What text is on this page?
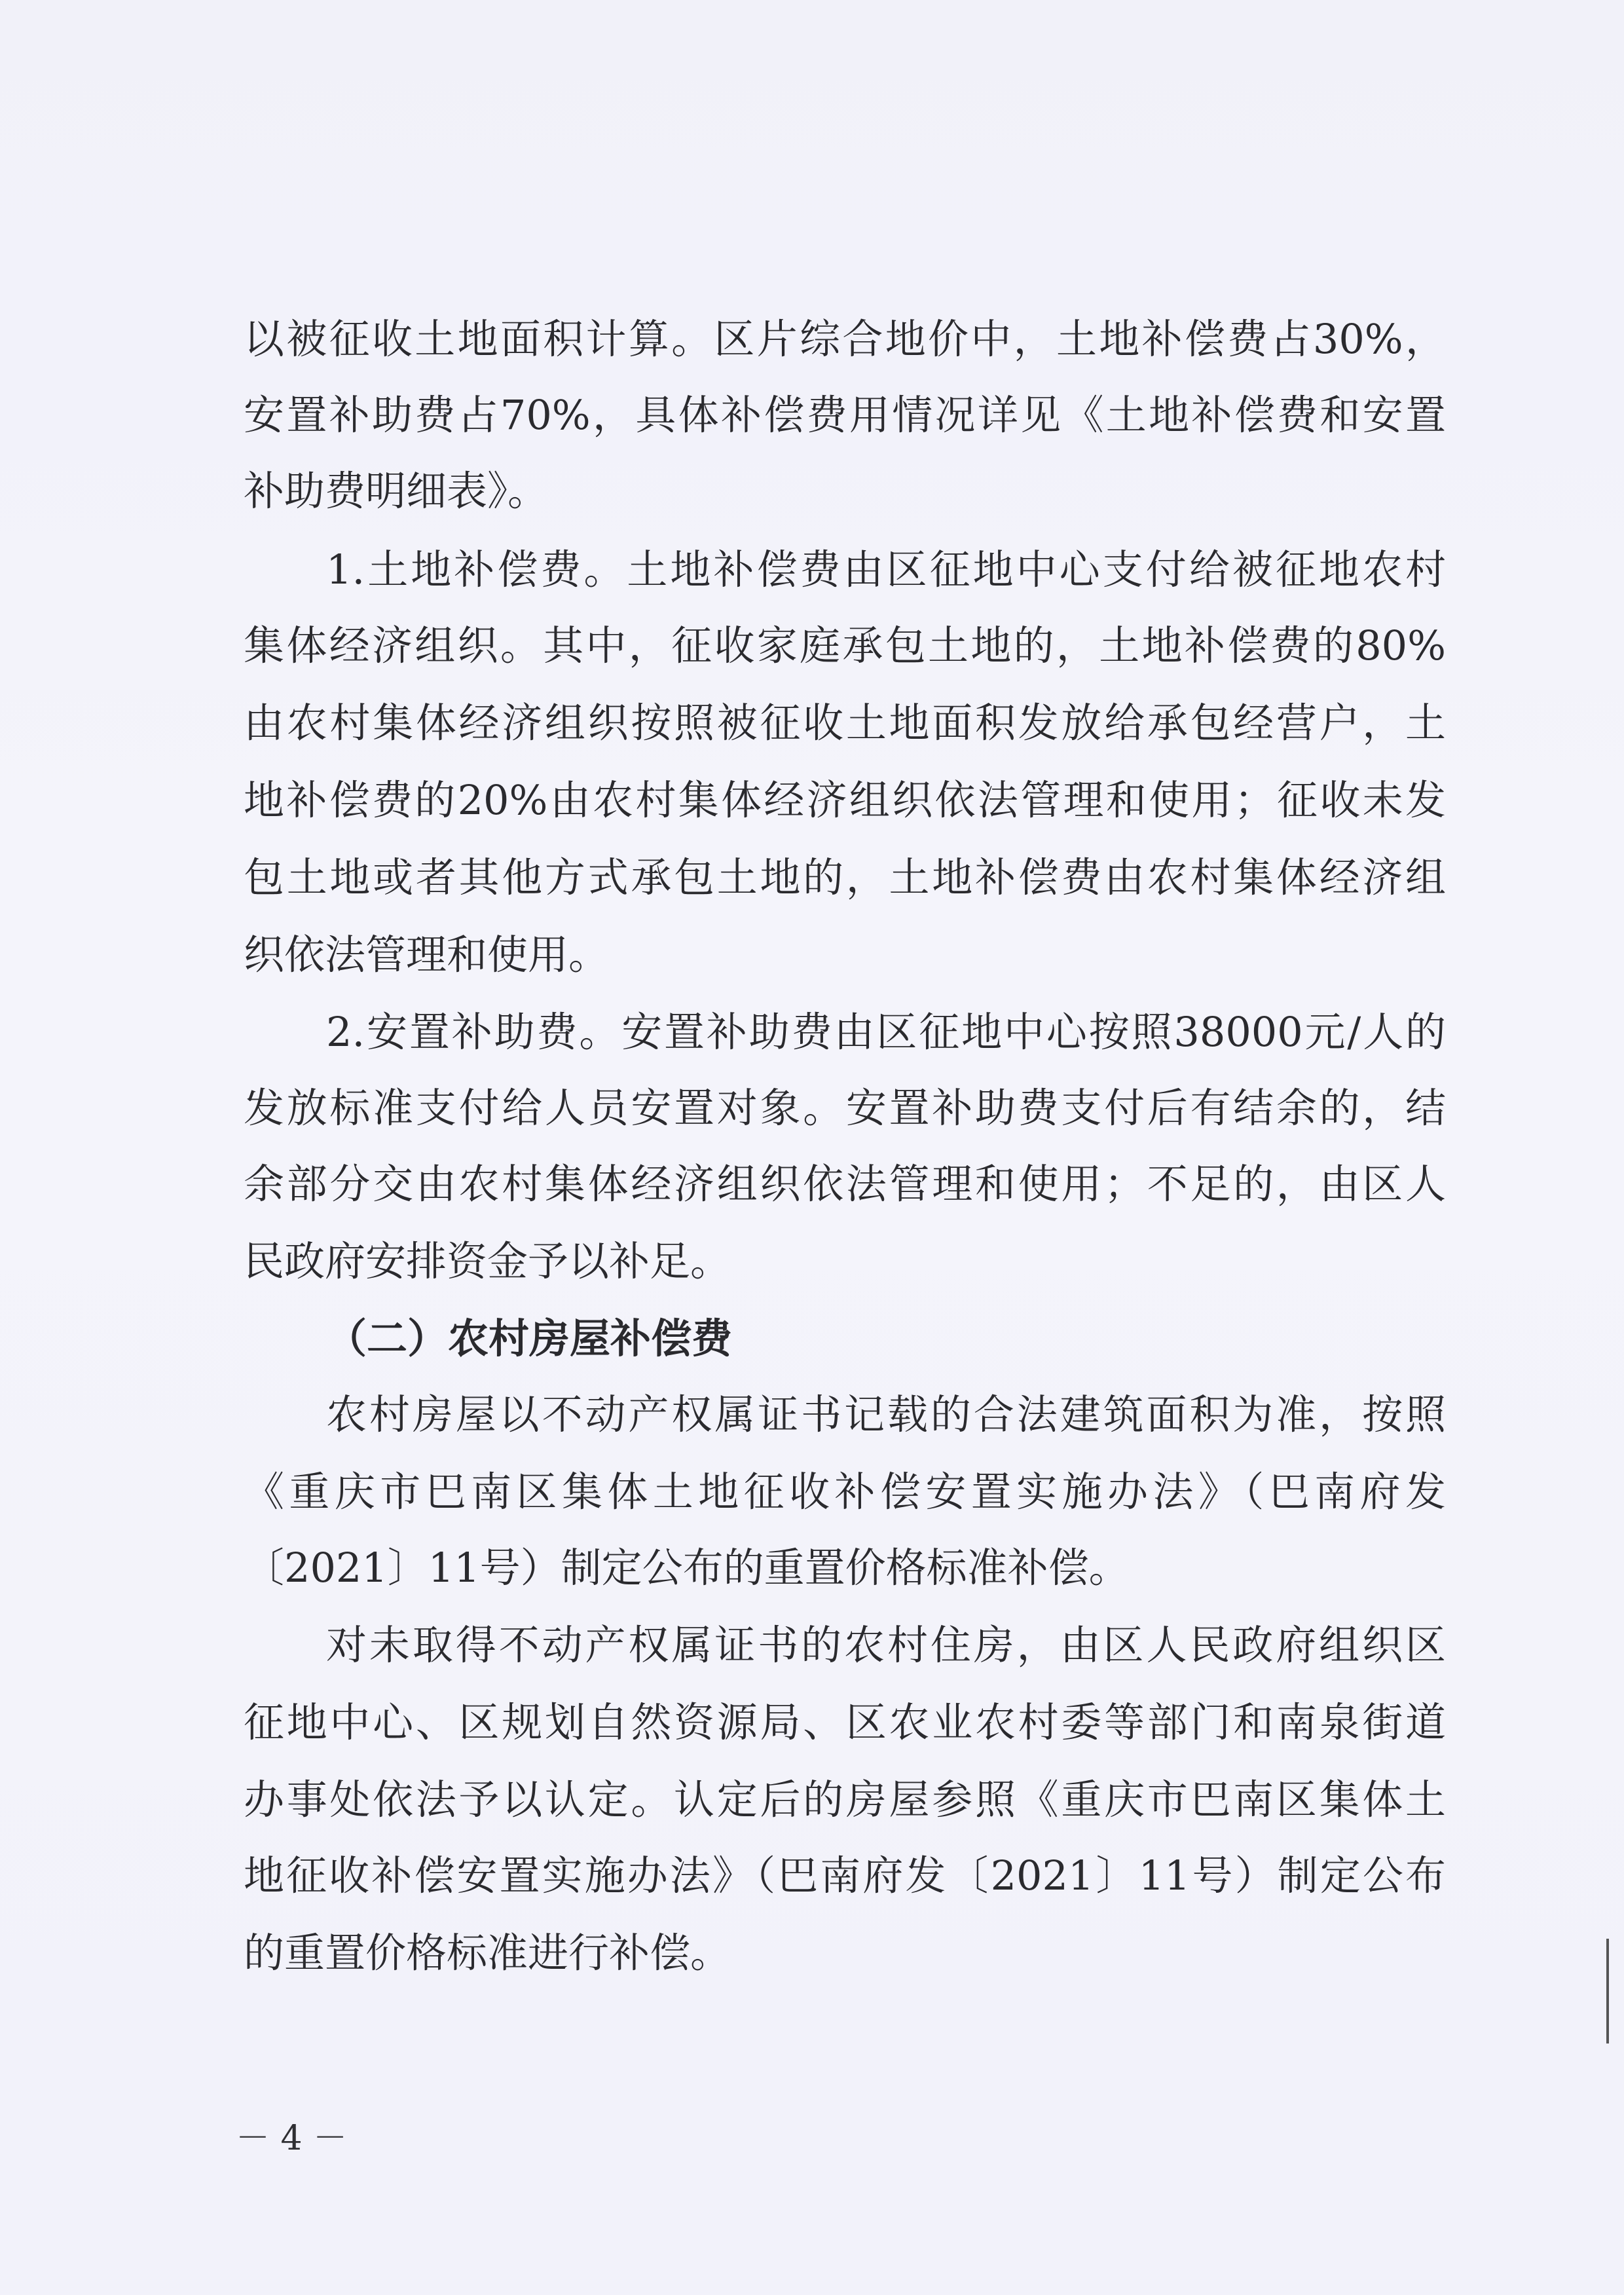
以被征收土地面积计算。区片综合地价中，土地补偿费占30%，
安置补助费占70%，具体补偿费用情况详见《土地补偿费和安置
补助费明细表》。
1.土地补偿费。土地补偿费由区征地中心支付给被征地农村
集体经济组织。其中，征收家庭承包土地的，土地补偿费的80%
由农村集体经济组织按照被征收土地面积发放给承包经营户，土
地补偿费的20%由农村集体经济组织依法管理和使用；征收未发
包土地或者其他方式承包土地的，土地补偿费由农村集体经济组
织依法管理和使用。
2.安置补助费。安置补助费由区征地中心按照38000元/人的
发放标准支付给人员安置对象。安置补助费支付后有结余的，结
余部分交由农村集体经济组织依法管理和使用；不足的，由区人
民政府安排资金予以补足。
（二）农村房屋补偿费
农村房屋以不动产权属证书记载的合法建筑面积为准，按照
《重庆市巴南区集体土地征收补偿安置实施办法》（巴南府发
〔2021〕11号）制定公布的重置价格标准补偿。
对未取得不动产权属证书的农村住房，由区人民政府组织区
征地中心、区规划自然资源局、区农业农村委等部门和南泉街道
办事处依法予以认定。认定后的房屋参照《重庆市巴南区集体土
地征收补偿安置实施办法》（巴南府发〔2021〕11号）制定公布
的重置价格标准进行补偿。
－ 4 －
